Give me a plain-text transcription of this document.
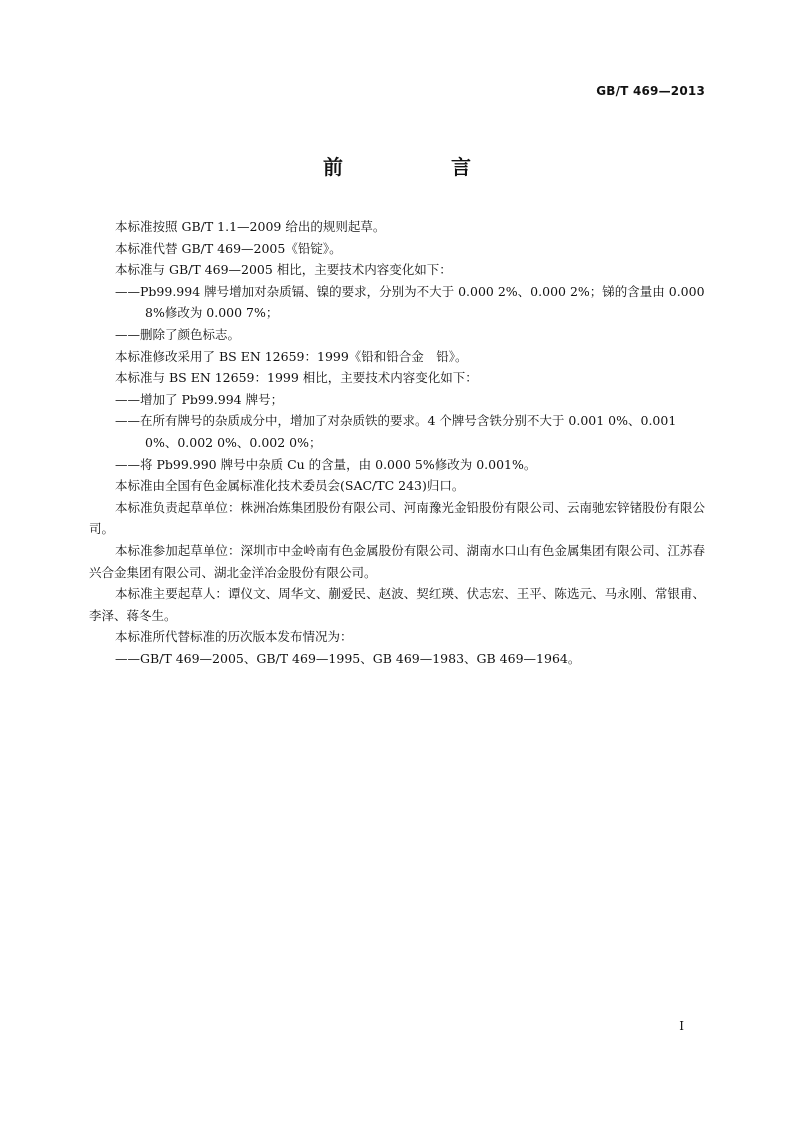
GB/T 469—2013
前　言

本标准按照 GB/T 1.1—2009 给出的规则起草。

本标准代替 GB/T 469—2005《铅锭》。

本标准与 GB/T 469—2005 相比，主要技术内容变化如下：

——Pb99.994 牌号增加对杂质镉、镍的要求，分别为不大于 0.000 2%、0.000 2%；锑的含量由 0.000 8%修改为 0.000 7%；

——删除了颜色标志。

本标准修改采用了 BS EN 12659：1999《铅和铅合金　铅》。

本标准与 BS EN 12659：1999 相比，主要技术内容变化如下：

——增加了 Pb99.994 牌号；

——在所有牌号的杂质成分中，增加了对杂质铁的要求。4 个牌号含铁分别不大于 0.001 0%、0.001 0%、0.002 0%、0.002 0%；

——将 Pb99.990 牌号中杂质 Cu 的含量，由 0.000 5%修改为 0.001%。

本标准由全国有色金属标准化技术委员会(SAC/TC 243)归口。

本标准负责起草单位：株洲冶炼集团股份有限公司、河南豫光金铅股份有限公司、云南驰宏锌锗股份有限公司。

本标准参加起草单位：深圳市中金岭南有色金属股份有限公司、湖南水口山有色金属集团有限公司、江苏春兴合金集团有限公司、湖北金洋冶金股份有限公司。

本标准主要起草人：谭仪文、周华文、蒯爱民、赵波、契红瑛、伏志宏、王平、陈选元、马永刚、常银甫、李泽、蒋冬生。

本标准所代替标准的历次版本发布情况为：

——GB/T 469—2005、GB/T 469—1995、GB 469—1983、GB 469—1964。

I
